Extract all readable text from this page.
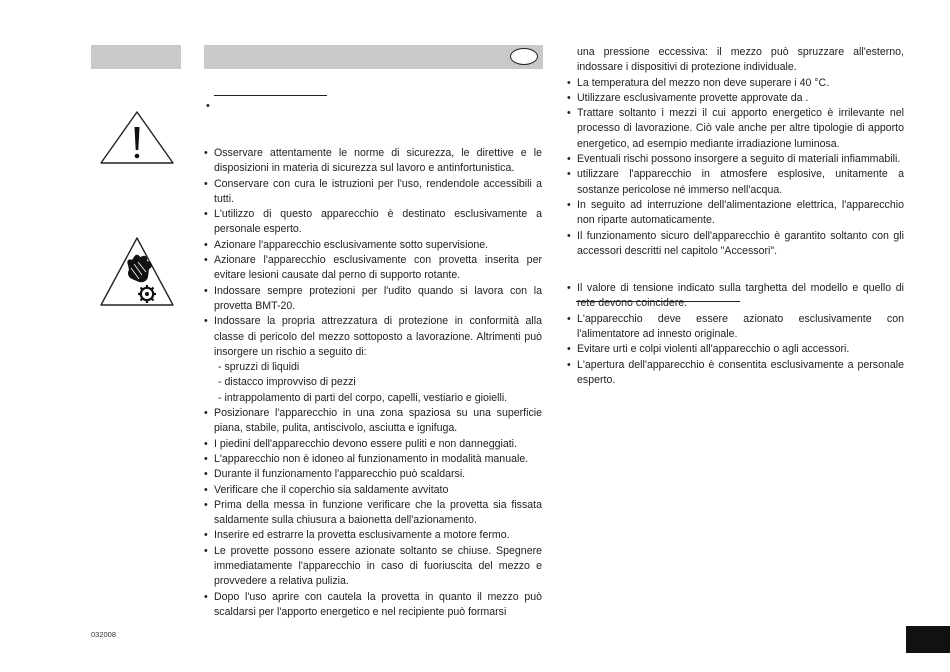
•
• Osservare attentamente le norme di sicurezza, le direttive e le disposizioni in materia di sicurezza sul lavoro e antinfortunistica.
• Conservare con cura le istruzioni per l'uso, rendendole accessibili a tutti.
• L'utilizzo di questo apparecchio è destinato esclusivamente a personale esperto.
• Azionare l'apparecchio esclusivamente sotto supervisione.
• Azionare l'apparecchio esclusivamente con provetta inserita per evitare lesioni causate dal perno di supporto rotante.
• Indossare sempre protezioni per l'udito quando si lavora con la provetta BMT-20.
• Indossare la propria attrezzatura di protezione in conformità alla classe di pericolo del mezzo sottoposto a lavorazione. Altrimenti può insorgere un rischio a seguito di:
- spruzzi di liquidi
- distacco improvviso di pezzi
- intrappolamento di parti del corpo, capelli, vestiario e gioielli.
• Posizionare l'apparecchio in una zona spaziosa su una superficie piana, stabile, pulita, antiscivolo, asciutta e ignifuga.
• I piedini dell'apparecchio devono essere puliti e non danneggiati.
• L'apparecchio non è idoneo al funzionamento in modalità manuale.
• Durante il funzionamento l'apparecchio può scaldarsi.
• Verificare che il coperchio sia saldamente avvitato
• Prima della messa in funzione verificare che la provetta sia fissata saldamente sulla chiusura a baionetta dell'azionamento.
• Inserire ed estrarre la provetta esclusivamente a motore fermo.
• Le provette possono essere azionate soltanto se chiuse. Spegnere immediatamente l'apparecchio in caso di fuoriuscita del mezzo e provvedere a relativa pulizia.
• Dopo l'uso aprire con cautela la provetta in quanto il mezzo può scaldarsi per l'apporto energetico e nel recipiente può formarsi
una pressione eccessiva: il mezzo può spruzzare all'esterno, indossare i dispositivi di protezione individuale.
• La temperatura del mezzo non deve superare i 40 °C.
• Utilizzare esclusivamente provette approvate da .
• Trattare soltanto i mezzi il cui apporto energetico è irrilevante nel processo di lavorazione. Ciò vale anche per altre tipologie di apporto energetico, ad esempio mediante irradiazione luminosa.
• Eventuali rischi possono insorgere a seguito di materiali infiammabili.
• utilizzare l'apparecchio in atmosfere esplosive, unitamente a sostanze pericolose né immerso nell'acqua.
• In seguito ad interruzione dell'alimentazione elettrica, l'apparecchio non riparte automaticamente.
• Il funzionamento sicuro dell'apparecchio è garantito soltanto con gli accessori descritti nel capitolo "Accessori".
• Il valore di tensione indicato sulla targhetta del modello e quello di rete devono coincidere.
• L'apparecchio deve essere azionato esclusivamente con l'alimentatore ad innesto originale.
• Evitare urti e colpi violenti all'apparecchio o agli accessori.
• L'apertura dell'apparecchio è consentita esclusivamente a personale esperto.
032008
